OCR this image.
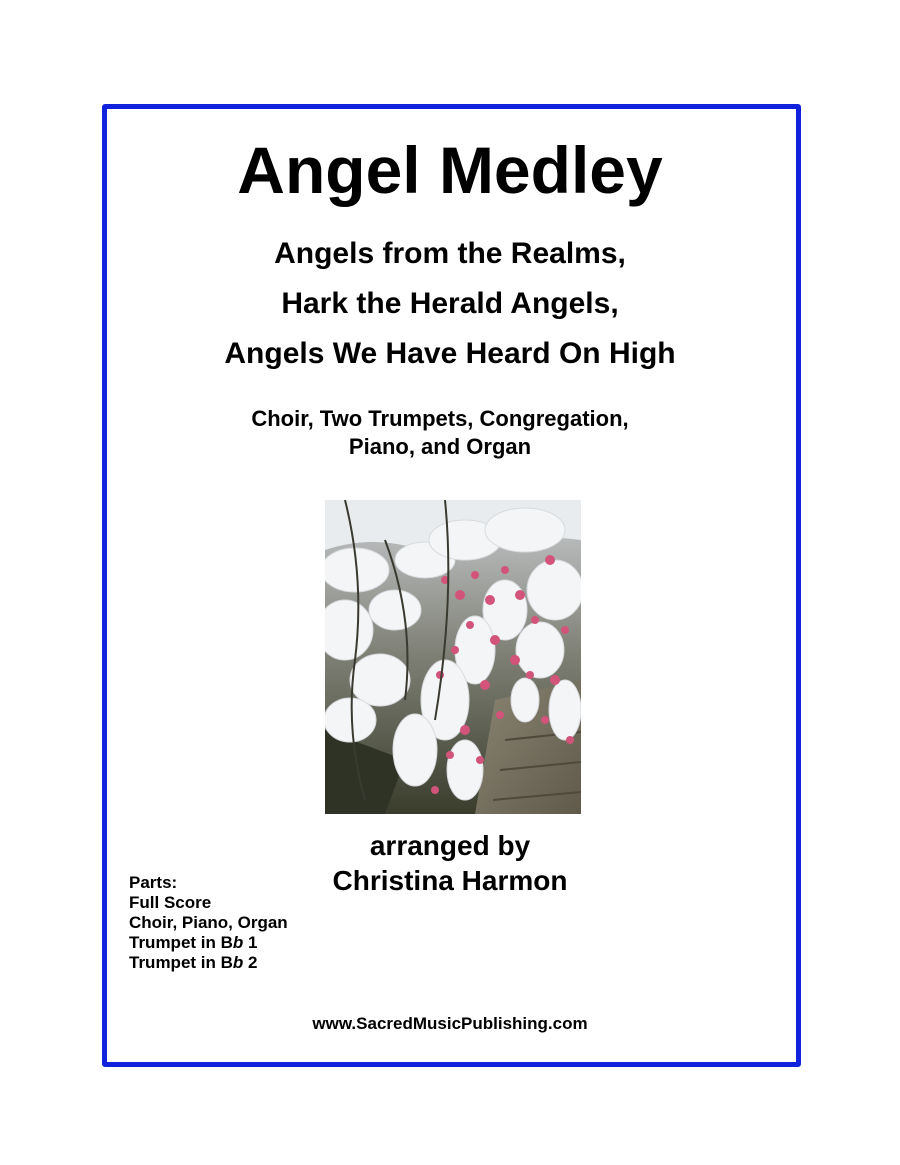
Angel Medley
Angels from the Realms,
Hark the Herald Angels,
Angels We Have Heard On High
Choir, Two Trumpets, Congregation,
Piano, and Organ
arranged by
Christina Harmon
Parts:
Full Score
Choir, Piano, Organ
Trumpet in Bb 1
Trumpet in Bb 2
www.SacredMusicPublishing.com
